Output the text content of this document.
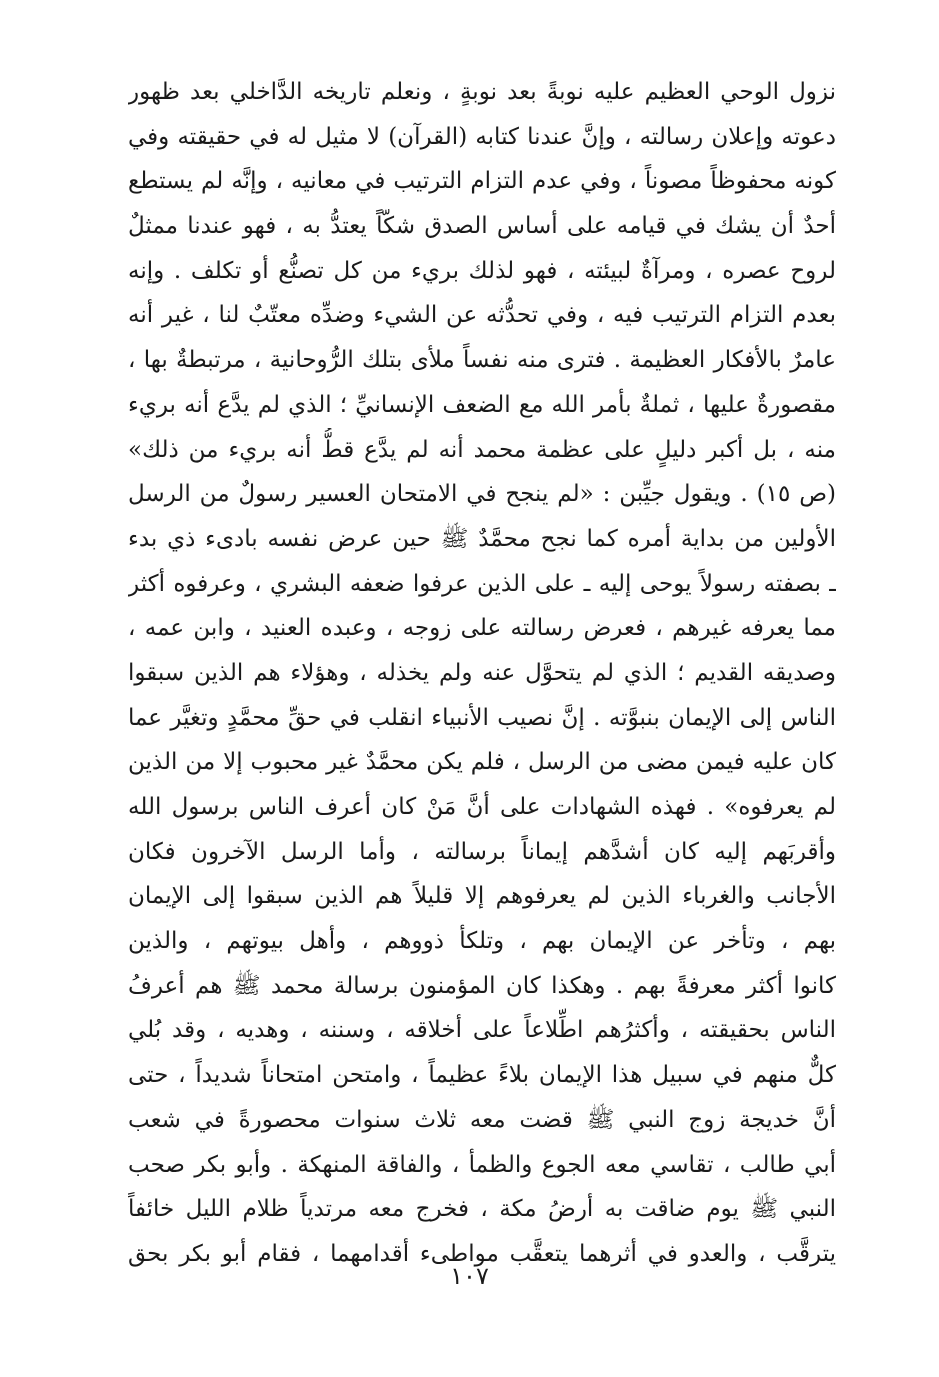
نزول الوحي العظيم عليه نوبةً بعد نوبةٍ ، ونعلم تاريخه الدَّاخلي بعد ظهور
دعوته وإعلان رسالته ، وإنَّ عندنا كتابه (القرآن) لا مثيل له في حقيقته وفي
كونه محفوظاً مصوناً ، وفي عدم التزام الترتيب في معانيه ، وإنَّه لم يستطع
أحدٌ أن يشك في قيامه على أساس الصدق شكّاً يعتدُّ به ، فهو عندنا ممثلٌ
لروح عصره ، ومرآةٌ لبيئته ، فهو لذلك بريء من كل تصنُّع أو تكلف . وإنه
بعدم التزام الترتيب فيه ، وفي تحدُّثه عن الشيء وضدِّه معتّبٌ لنا ، غير أنه
عامرٌ بالأفكار العظيمة . فترى منه نفساً ملأى بتلك الرُّوحانية ، مرتبطةٌ بها ،
مقصورةٌ عليها ، ثملةٌ بأمر الله مع الضعف الإنسانيِّ ؛ الذي لم يدَّع أنه بريء
منه ، بل أكبر دليلٍ على عظمة محمد أنه لم يدَّع قطُّ أنه بريء من ذلك»
(ص ١٥) . ويقول جيِّبن : «لم ينجح في الامتحان العسير رسولٌ من الرسل
الأولين من بداية أمره كما نجح محمَّدٌ ﷺ حين عرض نفسه بادىء ذي بدء
ـ بصفته رسولاً يوحى إليه ـ على الذين عرفوا ضعفه البشري ، وعرفوه أكثر
مما يعرفه غيرهم ، فعرض رسالته على زوجه ، وعبده العنيد ، وابن عمه ،
وصديقه القديم ؛ الذي لم يتحوَّل عنه ولم يخذله ، وهؤلاء هم الذين سبقوا
الناس إلى الإيمان بنبوَّته . إنَّ نصيب الأنبياء انقلب في حقِّ محمَّدٍ وتغيَّر عما
كان عليه فيمن مضى من الرسل ، فلم يكن محمَّدٌ غير محبوب إلا من الذين
لم يعرفوه» . فهذه الشهادات على أنَّ مَنْ كان أعرف الناس برسول الله
وأقربَهم إليه كان أشدَّهم إيماناً برسالته ، وأما الرسل الآخرون فكان
الأجانب والغرباء الذين لم يعرفوهم إلا قليلاً هم الذين سبقوا إلى الإيمان
بهم ، وتأخر عن الإيمان بهم ، وتلكأ ذووهم ، وأهل بيوتهم ، والذين
كانوا أكثر معرفةً بهم . وهكذا كان المؤمنون برسالة محمد ﷺ هم أعرفُ
الناس بحقيقته ، وأكثرُهم اطِّلاعاً على أخلاقه ، وسننه ، وهديه ، وقد بُلي
كلٌّ منهم في سبيل هذا الإيمان بلاءً عظيماً ، وامتحن امتحاناً شديداً ، حتى
أنَّ خديجة زوج النبي ﷺ قضت معه ثلاث سنوات محصورةً في شعب
أبي طالب ، تقاسي معه الجوع والظمأ ، والفاقة المنهكة . وأبو بكر صحب
النبي ﷺ يوم ضاقت به أرضُ مكة ، فخرج معه مرتدياً ظلام الليل خائفاً
يترقَّب ، والعدو في أثرهما يتعقَّب مواطىء أقدامهما ، فقام أبو بكر بحق
١٠٧
